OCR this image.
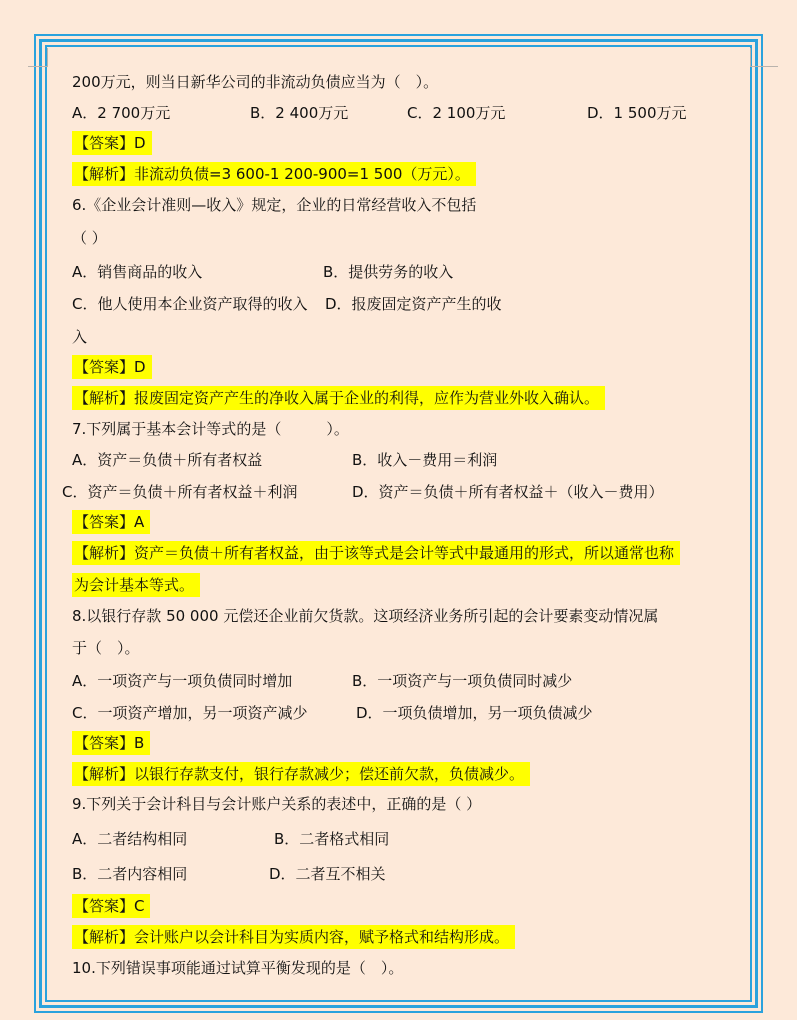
200万元，则当日新华公司的非流动负债应当为（　）。
A．2 700万元	B．2 400万元	C．2 100万元	D．1 500万元
【答案】D
【解析】非流动负债=3 600-1 200-900=1 500（万元）。
6.《企业会计准则—收入》规定，企业的日常经营收入不包括
（ ）
A．销售商品的收入	B．提供劳务的收入
C．他人使用本企业资产取得的收入 D．报废固定资产产生的收
入
【答案】D
【解析】报废固定资产产生的净收入属于企业的利得，应作为营业外收入确认。
7.下列属于基本会计等式的是（　　　）。
A．资产＝负债＋所有者权益	B．收入－费用＝利润
C．资产＝负债＋所有者权益＋利润	D．资产＝负债＋所有者权益＋（收入－费用）
【答案】A
【解析】资产＝负债＋所有者权益，由于该等式是会计等式中最通用的形式，所以通常也称
为会计基本等式。
8.以银行存款 50 000 元偿还企业前欠货款。这项经济业务所引起的会计要素变动情况属
于（　）。
A．一项资产与一项负债同时增加	B．一项资产与一项负债同时减少
C．一项资产增加，另一项资产减少	D．一项负债增加，另一项负债减少
【答案】B
【解析】以银行存款支付，银行存款减少；偿还前欠款，负债减少。
9.下列关于会计科目与会计账户关系的表述中，正确的是（ ）
A．二者结构相同	B．二者格式相同
B．二者内容相同	D．二者互不相关
【答案】C
【解析】会计账户以会计科目为实质内容，赋予格式和结构形成。
10.下列错误事项能通过试算平衡发现的是（　）。
